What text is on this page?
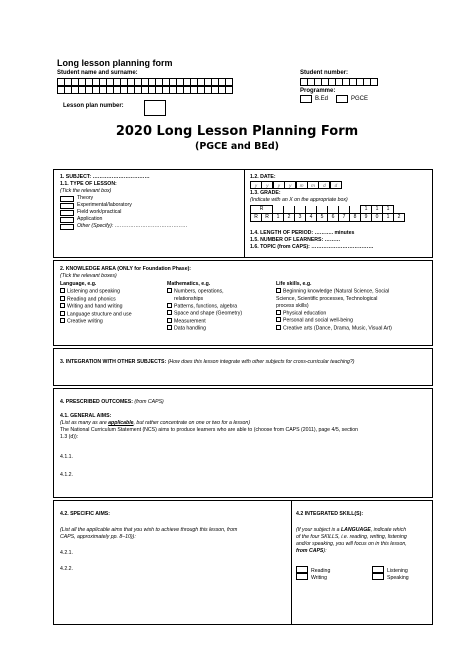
Long lesson planning form
Student name and surname:	Student number:
Programme:
B.Ed	PGCE
Lesson plan number:
2020 Long Lesson Planning Form
(PGCE and BEd)
1. SUBJECT: ……………………………
1.1. TYPE OF LESSON:
(Tick the relevant box)
Theory
Experimental/laboratory
Field work/practical
Application
Other (Specify): ……………………………………
1.2. DATE:
y	y	y	y	m	m	d	d
1.3. GRADE:
(Indicate with an X on the appropriate box)
R										1	1	1	
R	R	1	2	3	4	5	6	7	8	9	0	1	2
1.4. LENGTH OF PERIOD: ……….. minutes
1.5. NUMBER OF LEARNERS: ………
1.6. TOPIC (from CAPS): ………………………………
2. KNOWLEDGE AREA (ONLY for Foundation Phase):
(Tick the relevant boxes)
Language, e.g.
Listening and speaking
Reading and phonics
Writing and hand writing
Language structure and use
Creative writing
Mathematics, e.g.
Numbers, operations,
relationships
Patterns, functions, algebra
Space and shape (Geometry)
Measurement
Data handling
Life skills, e.g.
Beginning knowledge (Natural Science, Social
Science, Scientific processes, Technological
process skills)
Physical education
Personal and social well-being
Creative arts (Dance, Drama, Music, Visual Art)
3. INTEGRATION WITH OTHER SUBJECTS: (How does this lesson integrate with other subjects for cross-curricular teaching?)
4. PRESCRIBED OUTCOMES: (from CAPS)
4.1. GENERAL AIMS:
(List as many as are applicable, but rather concentrate on one or two for a lesson)
The National Curriculum Statement (NCS) aims to produce learners who are able to (choose from CAPS (2011), page 4/5, section
1.3 (d)):
4.1.1.
4.1.2.
4.2. SPECIFIC AIMS:
(List all the applicable aims that you wish to achieve through this lesson, from
CAPS, approximately pp. 8–10)):
4.2.1.
4.2.2.
4.2 INTEGRATED SKILL(S):
(If your subject is a LANGUAGE, indicate which
of the four SKILLS, i.e. reading, writing, listening
and/or speaking, you will focus on in this lesson,
from CAPS):
Reading	Listening
Writing	Speaking
